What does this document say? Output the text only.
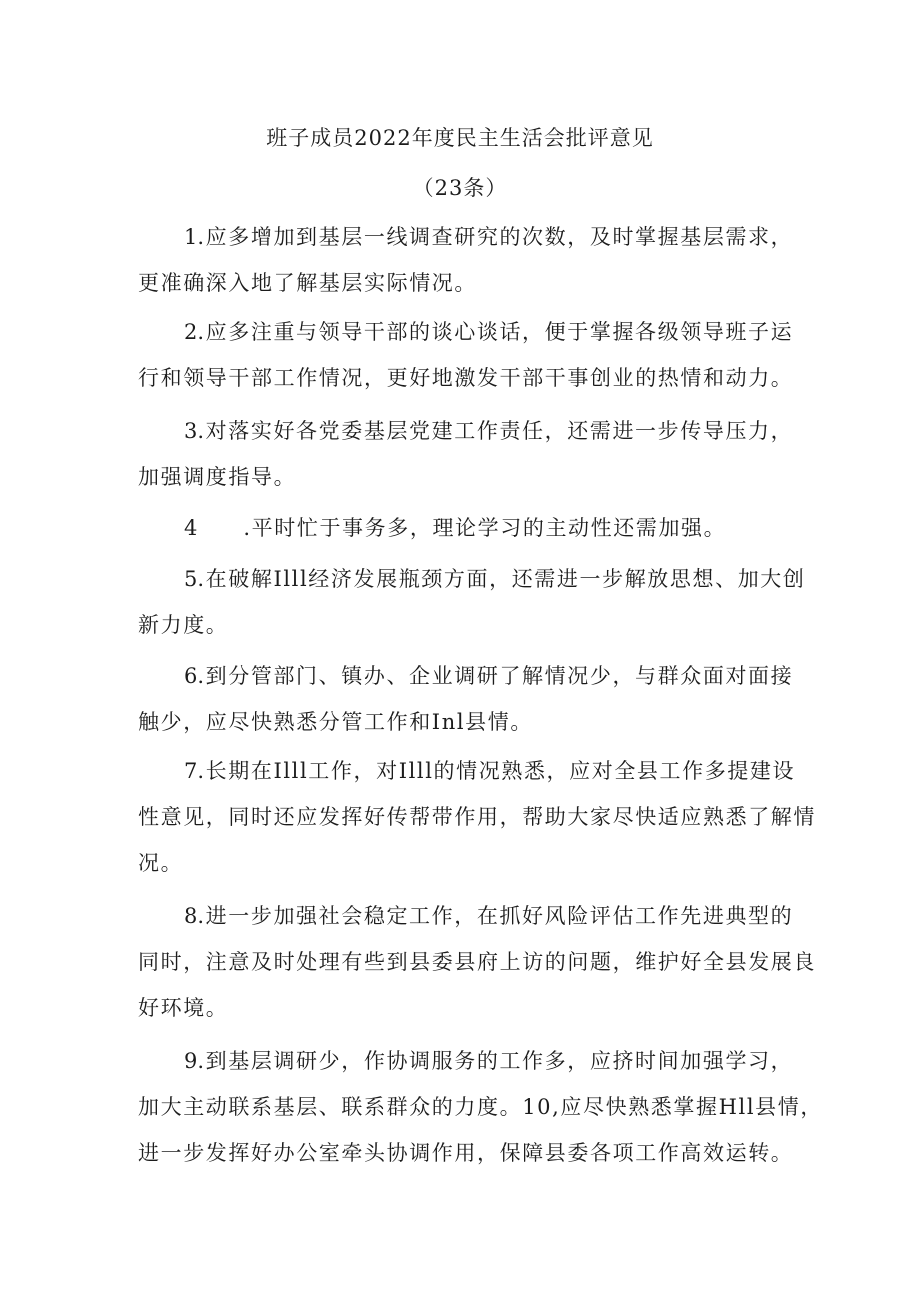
班子成员2022年度民主生活会批评意见
（23条）
1.应多增加到基层一线调查研究的次数，及时掌握基层需求，
更准确深入地了解基层实际情况。
2.应多注重与领导干部的谈心谈话，便于掌握各级领导班子运
行和领导干部工作情况，更好地激发干部干事创业的热情和动力。
3.对落实好各党委基层党建工作责任，还需进一步传导压力，
加强调度指导。
4 .平时忙于事务多，理论学习的主动性还需加强。
5.在破解Illl经济发展瓶颈方面，还需进一步解放思想、加大创
新力度。
6.到分管部门、镇办、企业调研了解情况少，与群众面对面接
触少，应尽快熟悉分管工作和Inl县情。
7.长期在Illl工作，对Illl的情况熟悉，应对全县工作多提建设
性意见，同时还应发挥好传帮带作用，帮助大家尽快适应熟悉了解情
况。
8.进一步加强社会稳定工作，在抓好风险评估工作先进典型的
同时，注意及时处理有些到县委县府上访的问题，维护好全县发展良
好环境。
9.到基层调研少，作协调服务的工作多，应挤时间加强学习，
加大主动联系基层、联系群众的力度。10,应尽快熟悉掌握Hll县情，
进一步发挥好办公室牵头协调作用，保障县委各项工作高效运转。
